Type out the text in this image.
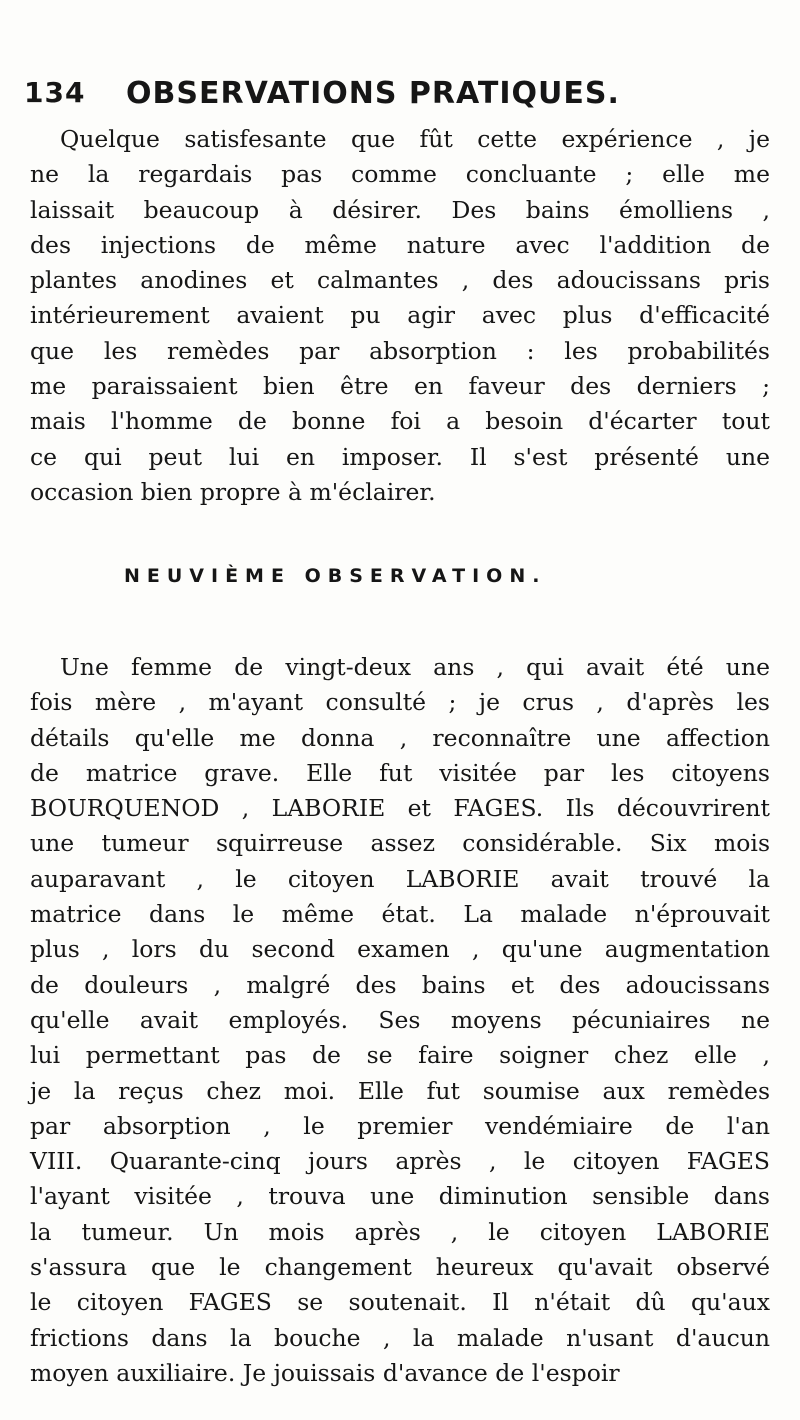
134 OBSERVATIONS PRATIQUES.
Quelque satisfesante que fût cette expérience , je
ne la regardais pas comme concluante ; elle me
laissait beaucoup à désirer. Des bains émolliens ,
des injections de même nature avec l'addition de
plantes anodines et calmantes , des adoucissans pris
intérieurement avaient pu agir avec plus d'efficacité
que les remèdes par absorption : les probabilités
me paraissaient bien être en faveur des derniers ;
mais l'homme de bonne foi a besoin d'écarter tout
ce qui peut lui en imposer. Il s'est présenté une
occasion bien propre à m'éclairer.
NEUVIÈME OBSERVATION.
Une femme de vingt-deux ans , qui avait été une
fois mère , m'ayant consulté ; je crus , d'après les
détails qu'elle me donna , reconnaître une affection
de matrice grave. Elle fut visitée par les citoyens
BOURQUENOD , LABORIE et FAGES. Ils découvrirent
une tumeur squirreuse assez considérable. Six mois
auparavant , le citoyen LABORIE avait trouvé la
matrice dans le même état. La malade n'éprouvait
plus , lors du second examen , qu'une augmentation
de douleurs , malgré des bains et des adoucissans
qu'elle avait employés. Ses moyens pécuniaires ne
lui permettant pas de se faire soigner chez elle ,
je la reçus chez moi. Elle fut soumise aux remèdes
par absorption , le premier vendémiaire de l'an
VIII. Quarante-cinq jours après , le citoyen FAGES
l'ayant visitée , trouva une diminution sensible dans
la tumeur. Un mois après , le citoyen LABORIE
s'assura que le changement heureux qu'avait observé
le citoyen FAGES se soutenait. Il n'était dû qu'aux
frictions dans la bouche , la malade n'usant d'aucun
moyen auxiliaire. Je jouissais d'avance de l'espoir
